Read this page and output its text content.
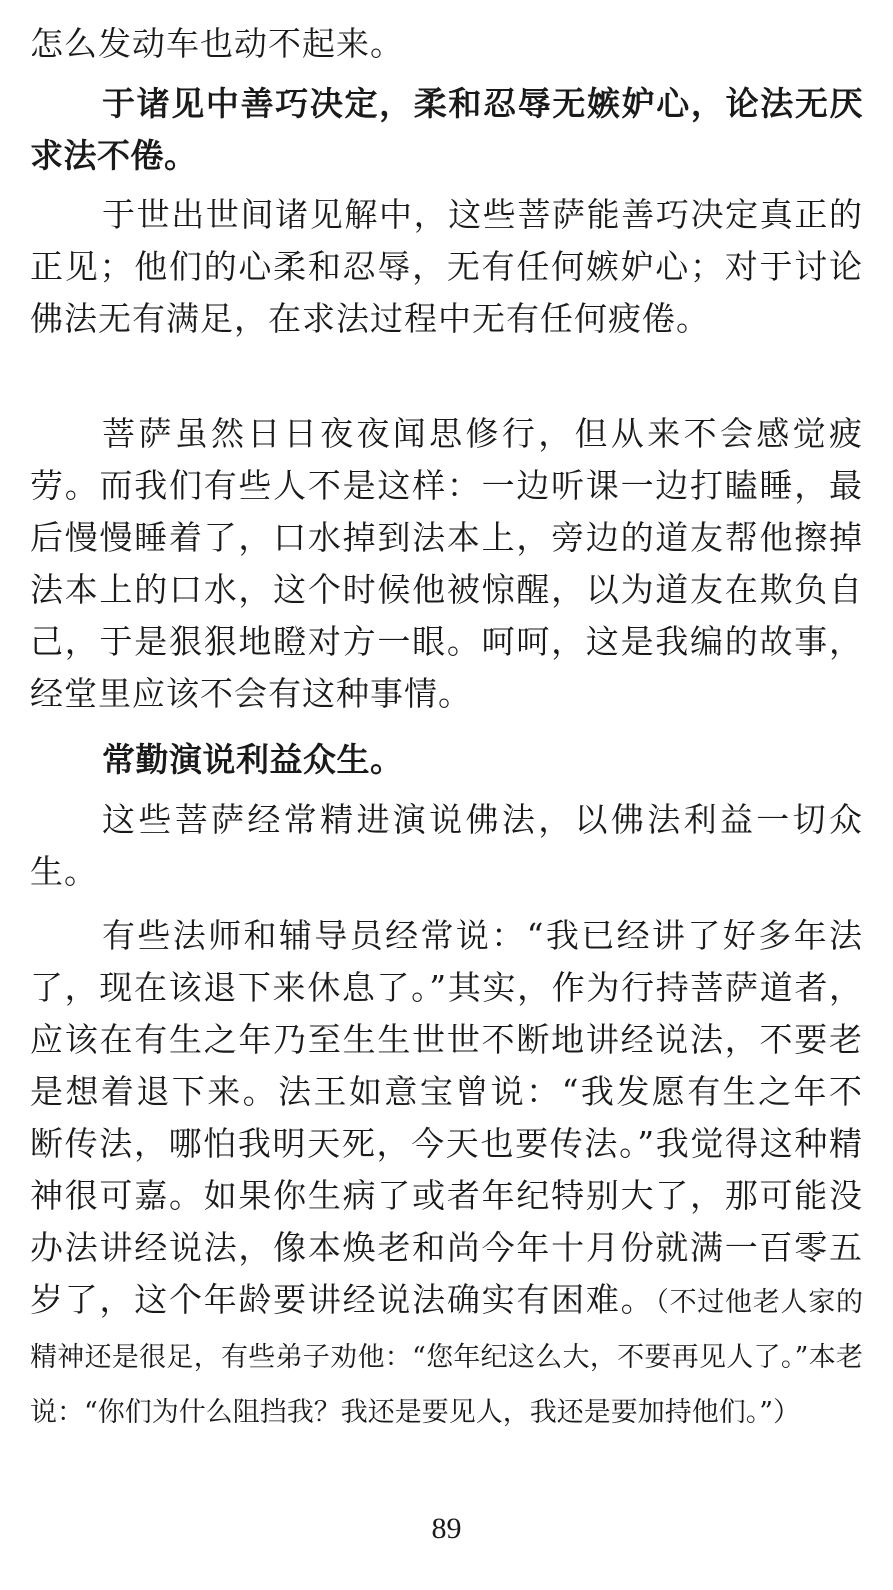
怎么发动车也动不起来。

于诸见中善巧决定，柔和忍辱无嫉妒心，论法无厌求法不倦。

于世出世间诸见解中，这些菩萨能善巧决定真正的正见；他们的心柔和忍辱，无有任何嫉妒心；对于讨论佛法无有满足，在求法过程中无有任何疲倦。

菩萨虽然日日夜夜闻思修行，但从来不会感觉疲劳。而我们有些人不是这样：一边听课一边打瞌睡，最后慢慢睡着了，口水掉到法本上，旁边的道友帮他擦掉法本上的口水，这个时候他被惊醒，以为道友在欺负自己，于是狠狠地瞪对方一眼。呵呵，这是我编的故事，经堂里应该不会有这种事情。

常勤演说利益众生。

这些菩萨经常精进演说佛法，以佛法利益一切众生。

有些法师和辅导员经常说：“我已经讲了好多年法了，现在该退下来休息了。”其实，作为行持菩萨道者，应该在有生之年乃至生生世世不断地讲经说法，不要老是想着退下来。法王如意宝曾说：“我发愿有生之年不断传法，哪怕我明天死，今天也要传法。”我觉得这种精神很可嘉。如果你生病了或者年纪特别大了，那可能没办法讲经说法，像本焕老和尚今年十月份就满一百零五岁了，这个年龄要讲经说法确实有困难。（不过他老人家的精神还是很足，有些弟子劝他：“您年纪这么大，不要再见人了。”本老说：“你们为什么阻挡我？我还是要见人，我还是要加持他们。”）

89
